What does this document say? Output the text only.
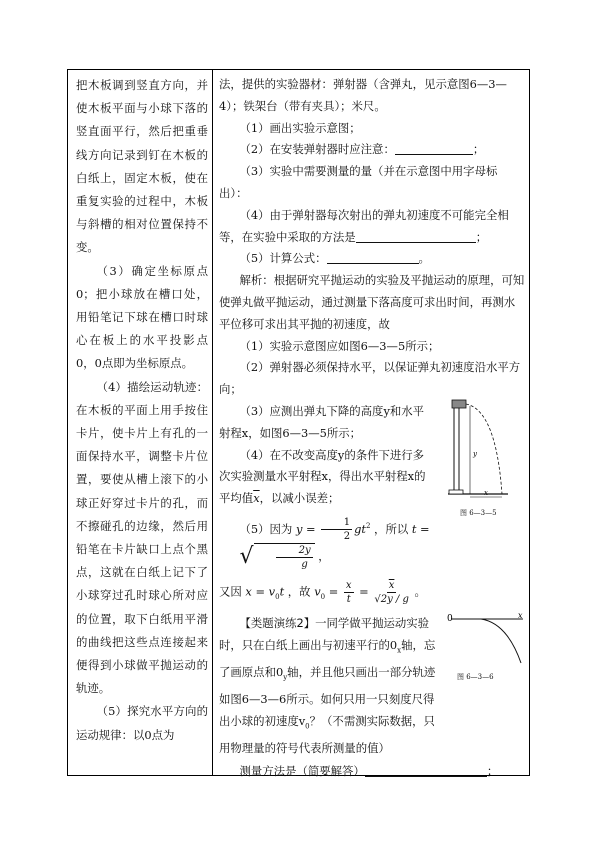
把木板调到竖直方向，并使木板平面与小球下落的竖直面平行，然后把重垂线方向记录到钉在木板的白纸上，固定木板，使在重复实验的过程中，木板与斜槽的相对位置保持不变。

（3）确定坐标原点0；把小球放在槽口处，用铅笔记下球在槽口时球心在板上的水平投影点0，0点即为坐标原点。

（4）描绘运动轨迹：在木板的平面上用手按住卡片，使卡片上有孔的一面保持水平，调整卡片位置，要使从槽上滚下的小球正好穿过卡片的孔，而不擦碰孔的边缘，然后用铅笔在卡片缺口上点个黑点，这就在白纸上记下了小球穿过孔时球心所对应的位置，取下白纸用平滑的曲线把这些点连接起来便得到小球做平抛运动的轨迹。

（5）探究水平方向的运动规律：以0点为

法，提供的实验器材：弹射器（含弹丸，见示意图6—3—4）；铁架台（带有夹具）；米尺。

（1）画出实验示意图；

（2）在安装弹射器时应注意：	；

（3）实验中需要测量的量（并在示意图中用字母标出）：

（4）由于弹射器每次射出的弹丸初速度不可能完全相等，在实验中采取的方法是	；

（5）计算公式：	。

解析：根据研究平抛运动的实验及平抛运动的原理，可知使弹丸做平抛运动，通过测量下落高度可求出时间，再测水平位移可求出其平抛的初速度，故

（1）实验示意图应如图6—3—5所示；

（2）弹射器必须保持水平，以保证弹丸初速度沿水平方向；

（3）应测出弹丸下降的高度y和水平射程x，如图6—3—5所示；

（4）在不改变高度y的条件下进行多次实验测量水平射程x，得出水平射程x的平均值$\overline{x}$，以减小误差；

（5）因为 $y = \frac{1}{2} gt^2$ ，所以 t =
√ $\frac{2y}{g}$ ，

又因 $x = v_0t$ ，故 $v_0 = \frac{x}{t} = \frac{\overline{x}}{√2y / g}$ 。

【类题演练2】一同学做平抛运动实验时，只在白纸上画出与初速平行的$0_x$轴，忘了画原点和$0_y$轴，并且他只画出一部分轨迹如图6—3—6所示。如何只用一只刻度尺得出小球的初速度$v_0$？（不需测实际数据，只用物理量的符号代表所测量的值）

测量方法是（简要解答）	；

y
x
图 6—3—5
0	x
图 6—3—6
